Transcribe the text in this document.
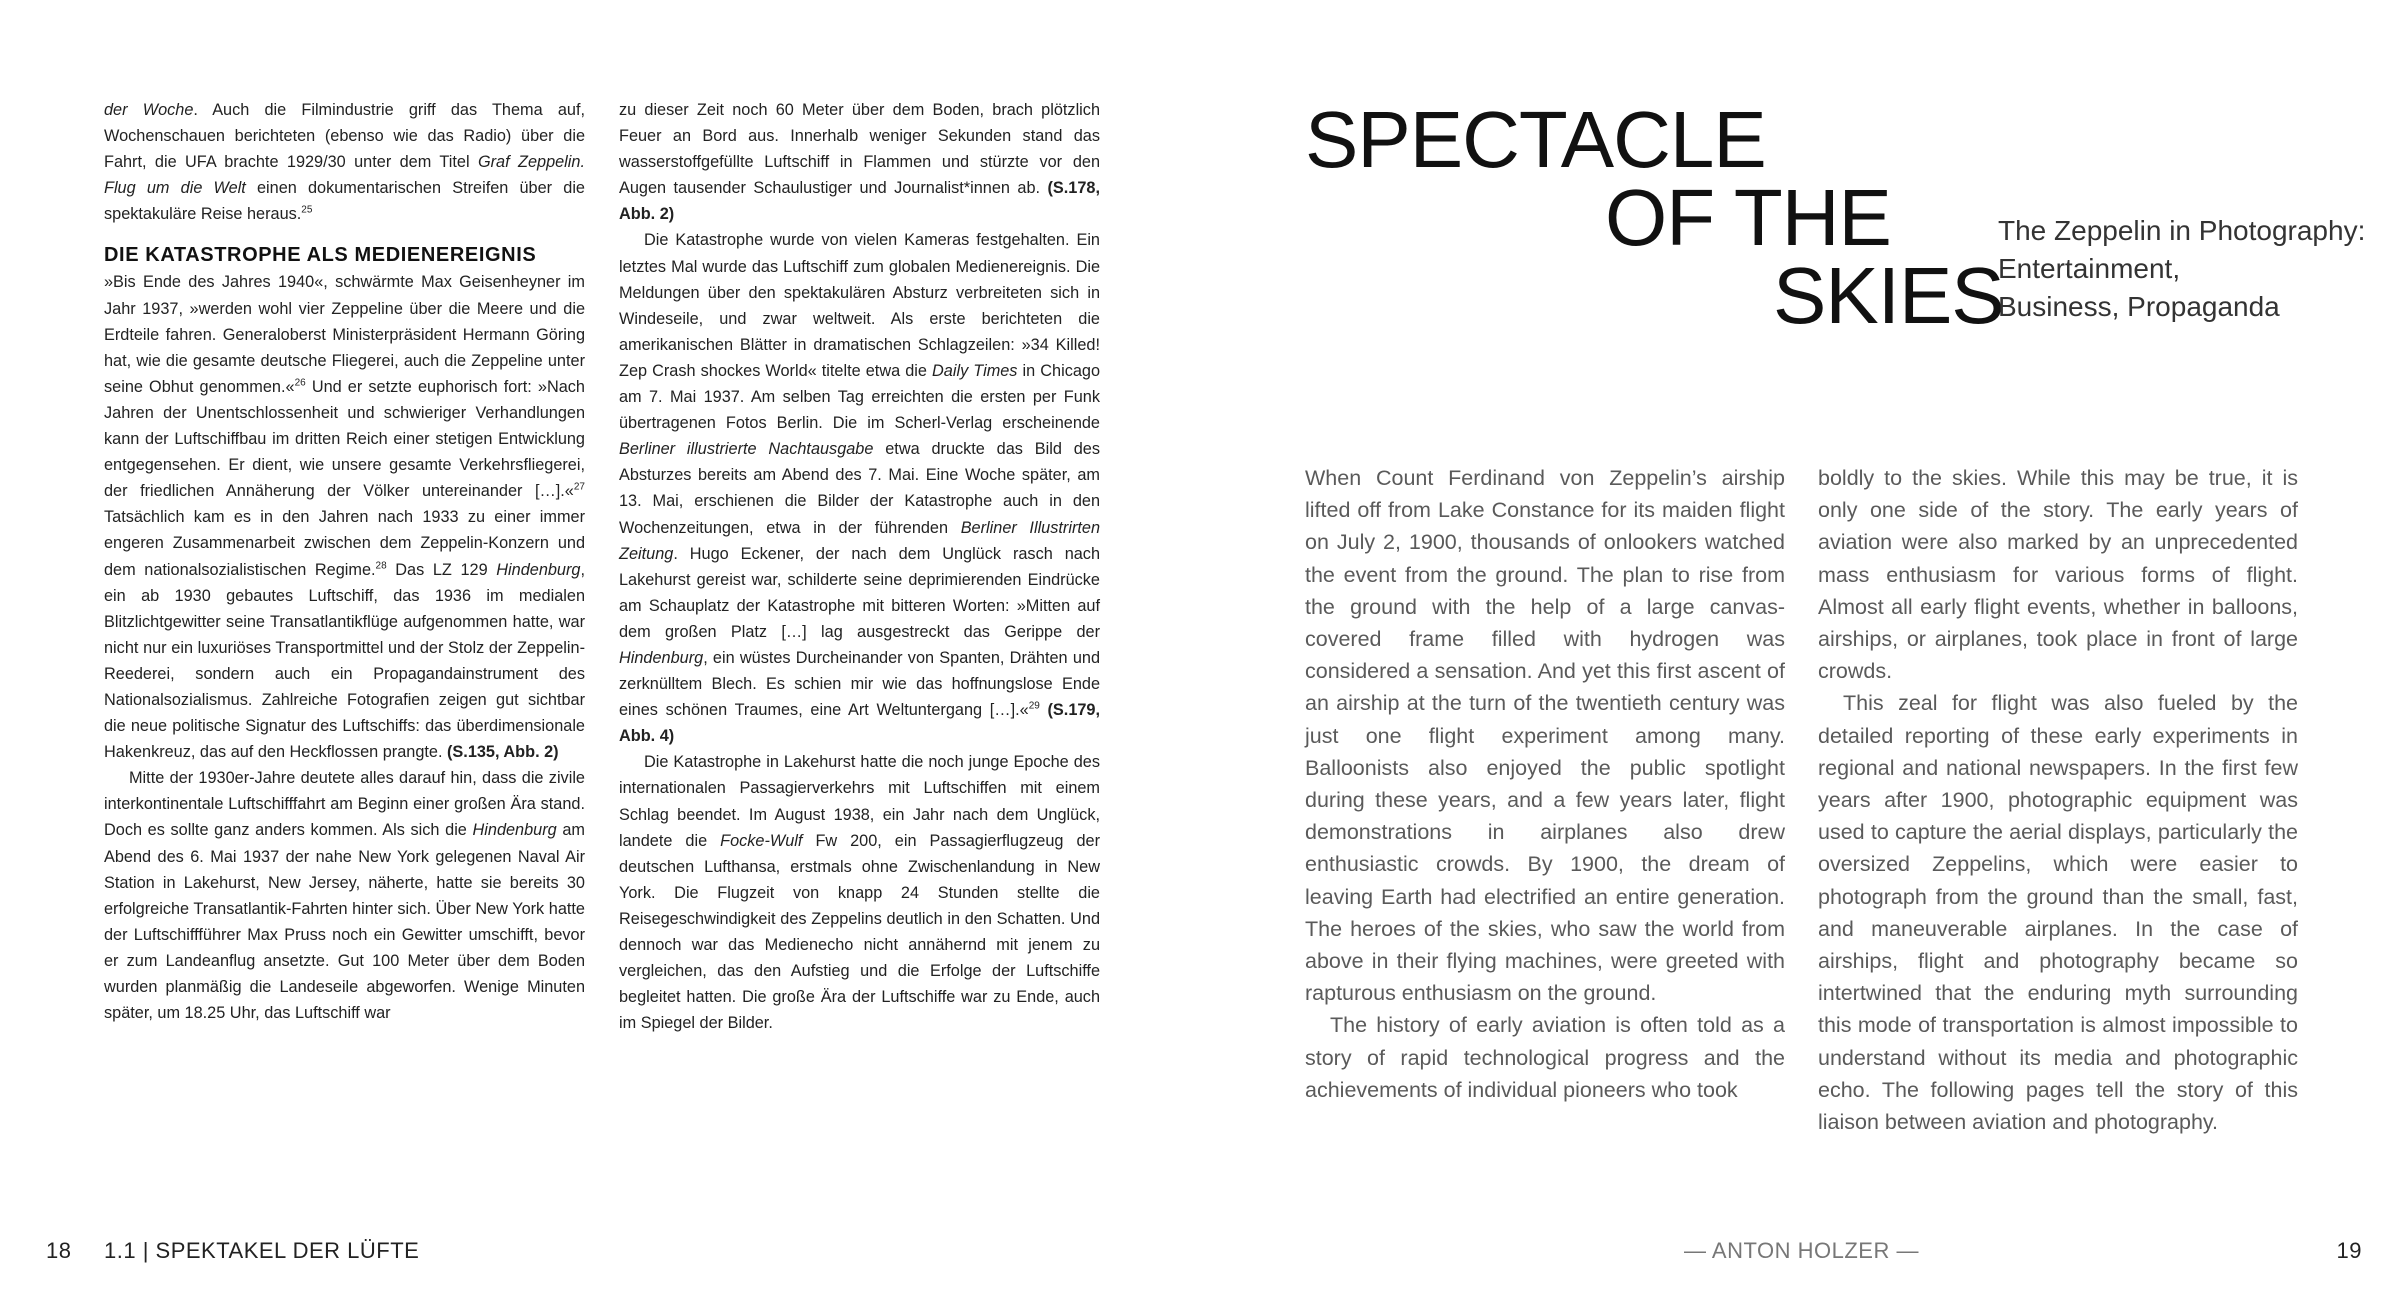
der Woche. Auch die Filmindustrie griff das Thema auf, Wochenschauen berichteten (ebenso wie das Radio) über die Fahrt, die UFA brachte 1929/30 unter dem Titel Graf Zeppelin. Flug um die Welt einen dokumentarischen Streifen über die spektakuläre Reise heraus.$^{25}$

DIE KATASTROPHE ALS MEDIENEREIGNIS

»Bis Ende des Jahres 1940«, schwärmte Max Geisenheyner im Jahr 1937, »werden wohl vier Zeppeline über die Meere und die Erdteile fahren. Generaloberst Ministerpräsident Hermann Göring hat, wie die gesamte deutsche Fliegerei, auch die Zeppeline unter seine Obhut genommen.«$^{26}$ Und er setzte euphorisch fort: »Nach Jahren der Unentschlossenheit und schwieriger Verhandlungen kann der Luftschiffbau im dritten Reich einer stetigen Entwicklung entgegensehen. Er dient, wie unsere gesamte Verkehrsfliegerei, der friedlichen Annäherung der Völker untereinander […].«$^{27}$ Tatsächlich kam es in den Jahren nach 1933 zu einer immer engeren Zusammenarbeit zwischen dem Zeppelin-Konzern und dem nationalsozialistischen Regime.$^{28}$ Das LZ 129 Hindenburg, ein ab 1930 gebautes Luftschiff, das 1936 im medialen Blitzlichtgewitter seine Transatlantikflüge aufgenommen hatte, war nicht nur ein luxuriöses Transportmittel und der Stolz der Zeppelin-Reederei, sondern auch ein Propagandainstrument des Nationalsozialismus. Zahlreiche Fotografien zeigen gut sichtbar die neue politische Signatur des Luftschiffs: das überdimensionale Hakenkreuz, das auf den Heckflossen prangte. (S.135, Abb. 2)

Mitte der 1930er-Jahre deutete alles darauf hin, dass die zivile interkontinentale Luftschifffahrt am Beginn einer großen Ära stand. Doch es sollte ganz anders kommen. Als sich die Hindenburg am Abend des 6. Mai 1937 der nahe New York gelegenen Naval Air Station in Lakehurst, New Jersey, näherte, hatte sie bereits 30 erfolgreiche Transatlantik-Fahrten hinter sich. Über New York hatte der Luftschiffführer Max Pruss noch ein Gewitter umschifft, bevor er zum Landeanflug ansetzte. Gut 100 Meter über dem Boden wurden planmäßig die Landeseile abgeworfen. Wenige Minuten später, um 18.25 Uhr, das Luftschiff war

zu dieser Zeit noch 60 Meter über dem Boden, brach plötzlich Feuer an Bord aus. Innerhalb weniger Sekunden stand das wasserstoffgefüllte Luftschiff in Flammen und stürzte vor den Augen tausender Schaulustiger und Journalist*innen ab. (S.178, Abb. 2)

Die Katastrophe wurde von vielen Kameras festgehalten. Ein letztes Mal wurde das Luftschiff zum globalen Medienereignis. Die Meldungen über den spektakulären Absturz verbreiteten sich in Windeseile, und zwar weltweit. Als erste berichteten die amerikanischen Blätter in dramatischen Schlagzeilen: »34 Killed! Zep Crash shockes World« titelte etwa die Daily Times in Chicago am 7. Mai 1937. Am selben Tag erreichten die ersten per Funk übertragenen Fotos Berlin. Die im Scherl-Verlag erscheinende Berliner illustrierte Nachtausgabe etwa druckte das Bild des Absturzes bereits am Abend des 7. Mai. Eine Woche später, am 13. Mai, erschienen die Bilder der Katastrophe auch in den Wochenzeitungen, etwa in der führenden Berliner Illustrirten Zeitung. Hugo Eckener, der nach dem Unglück rasch nach Lakehurst gereist war, schilderte seine deprimierenden Eindrücke am Schauplatz der Katastrophe mit bitteren Worten: »Mitten auf dem großen Platz […] lag ausgestreckt das Gerippe der Hindenburg, ein wüstes Durcheinander von Spanten, Drähten und zerknülltem Blech. Es schien mir wie das hoffnungslose Ende eines schönen Traumes, eine Art Weltuntergang […].«$^{29}$ (S.179, Abb. 4)

Die Katastrophe in Lakehurst hatte die noch junge Epoche des internationalen Passagierverkehrs mit Luftschiffen mit einem Schlag beendet. Im August 1938, ein Jahr nach dem Unglück, landete die Focke-Wulf Fw 200, ein Passagierflugzeug der deutschen Lufthansa, erstmals ohne Zwischenlandung in New York. Die Flugzeit von knapp 24 Stunden stellte die Reisegeschwindigkeit des Zeppelins deutlich in den Schatten. Und dennoch war das Medienecho nicht annähernd mit jenem zu vergleichen, das den Aufstieg und die Erfolge der Luftschiffe begleitet hatten. Die große Ära der Luftschiffe war zu Ende, auch im Spiegel der Bilder.

18 1.1 | SPEKTAKEL DER LÜFTE
SPECTACLE
OF THE
SKIES
The Zeppelin in Photography:
Entertainment,
Business, Propaganda

When Count Ferdinand von Zeppelin’s airship lifted off from Lake Constance for its maiden flight on July 2, 1900, thousands of onlookers watched the event from the ground. The plan to rise from the ground with the help of a large canvas-covered frame filled with hydrogen was considered a sensation. And yet this first ascent of an airship at the turn of the twentieth century was just one flight experiment among many. Balloonists also enjoyed the public spotlight during these years, and a few years later, flight demonstrations in airplanes also drew enthusiastic crowds. By 1900, the dream of leaving Earth had electrified an entire generation. The heroes of the skies, who saw the world from above in their flying machines, were greeted with rapturous enthusiasm on the ground.

The history of early aviation is often told as a story of rapid technological progress and the achievements of individual pioneers who took

boldly to the skies. While this may be true, it is only one side of the story. The early years of aviation were also marked by an unprecedented mass enthusiasm for various forms of flight. Almost all early flight events, whether in balloons, airships, or airplanes, took place in front of large crowds.

This zeal for flight was also fueled by the detailed reporting of these early experiments in regional and national newspapers. In the first few years after 1900, photographic equipment was used to capture the aerial displays, particularly the oversized Zeppelins, which were easier to photograph from the ground than the small, fast, and maneuverable airplanes. In the case of airships, flight and photography became so intertwined that the enduring myth surrounding this mode of transportation is almost impossible to understand without its media and photographic echo. The following pages tell the story of this liaison between aviation and photography.

— ANTON HOLZER —	19
